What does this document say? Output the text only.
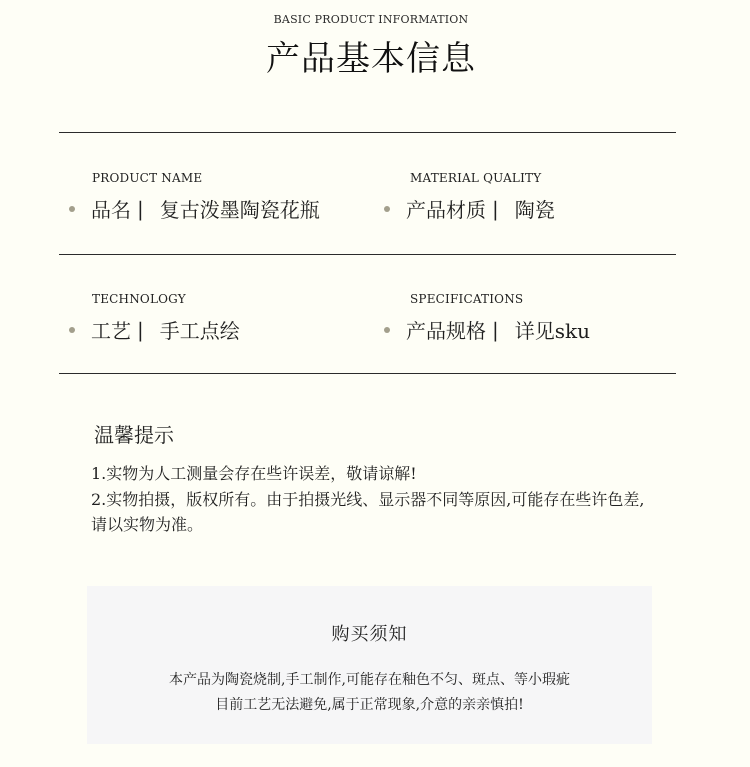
BASIC PRODUCT INFORMATION
产品基本信息
PRODUCT NAME
品名 | 复古泼墨陶瓷花瓶
MATERIAL QUALITY
产品材质 | 陶瓷
TECHNOLOGY
工艺 | 手工点绘
SPECIFICATIONS
产品规格 | 详见sku
温馨提示
1.实物为人工测量会存在些许误差，敬请谅解!
2.实物拍摄，版权所有。由于拍摄光线、显示器不同等原因,可能存在些许色差,
请以实物为准。
购买须知
本产品为陶瓷烧制,手工制作,可能存在釉色不匀、斑点、等小瑕疵
目前工艺无法避免,属于正常现象,介意的亲亲慎拍!
